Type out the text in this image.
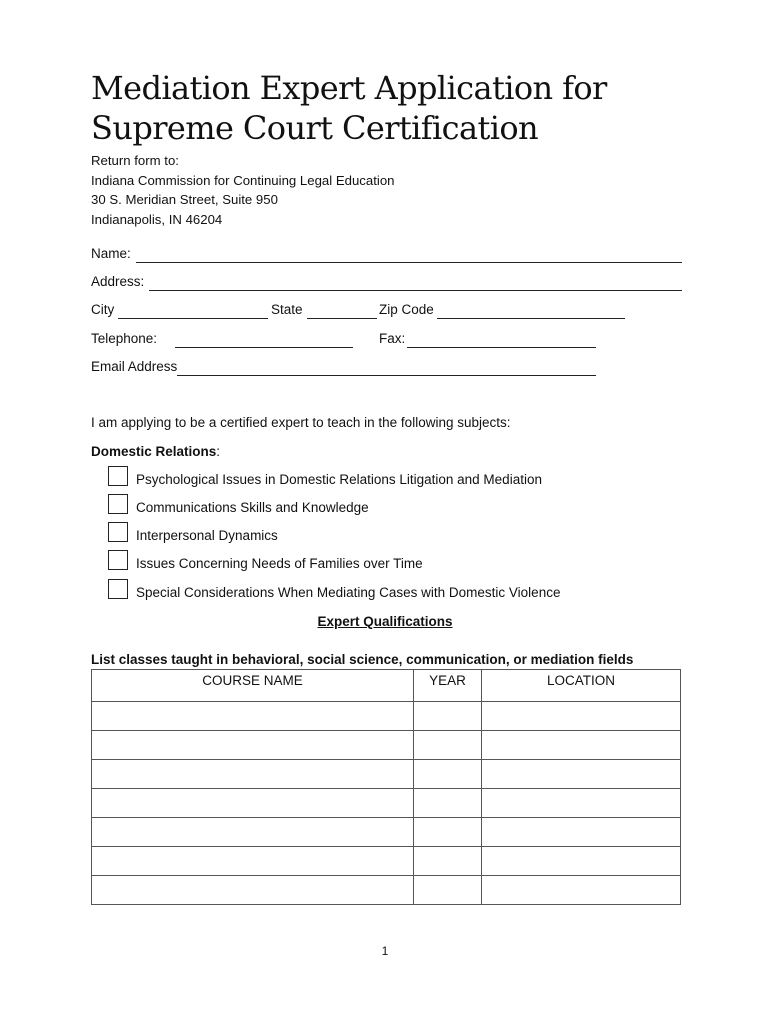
Mediation Expert Application for
Supreme Court Certification
Return form to:
Indiana Commission for Continuing Legal Education
30 S. Meridian Street, Suite 950
Indianapolis, IN 46204
Name:
Address:
City	State	Zip Code
Telephone:	Fax:
Email Address
I am applying to be a certified expert to teach in the following subjects:
Domestic Relations:
Psychological Issues in Domestic Relations Litigation and Mediation
Communications Skills and Knowledge
Interpersonal Dynamics
Issues Concerning Needs of Families over Time
Special Considerations When Mediating Cases with Domestic Violence
Expert Qualifications
List classes taught in behavioral, social science, communication, or mediation fields
COURSE NAME	YEAR	LOCATION

1
